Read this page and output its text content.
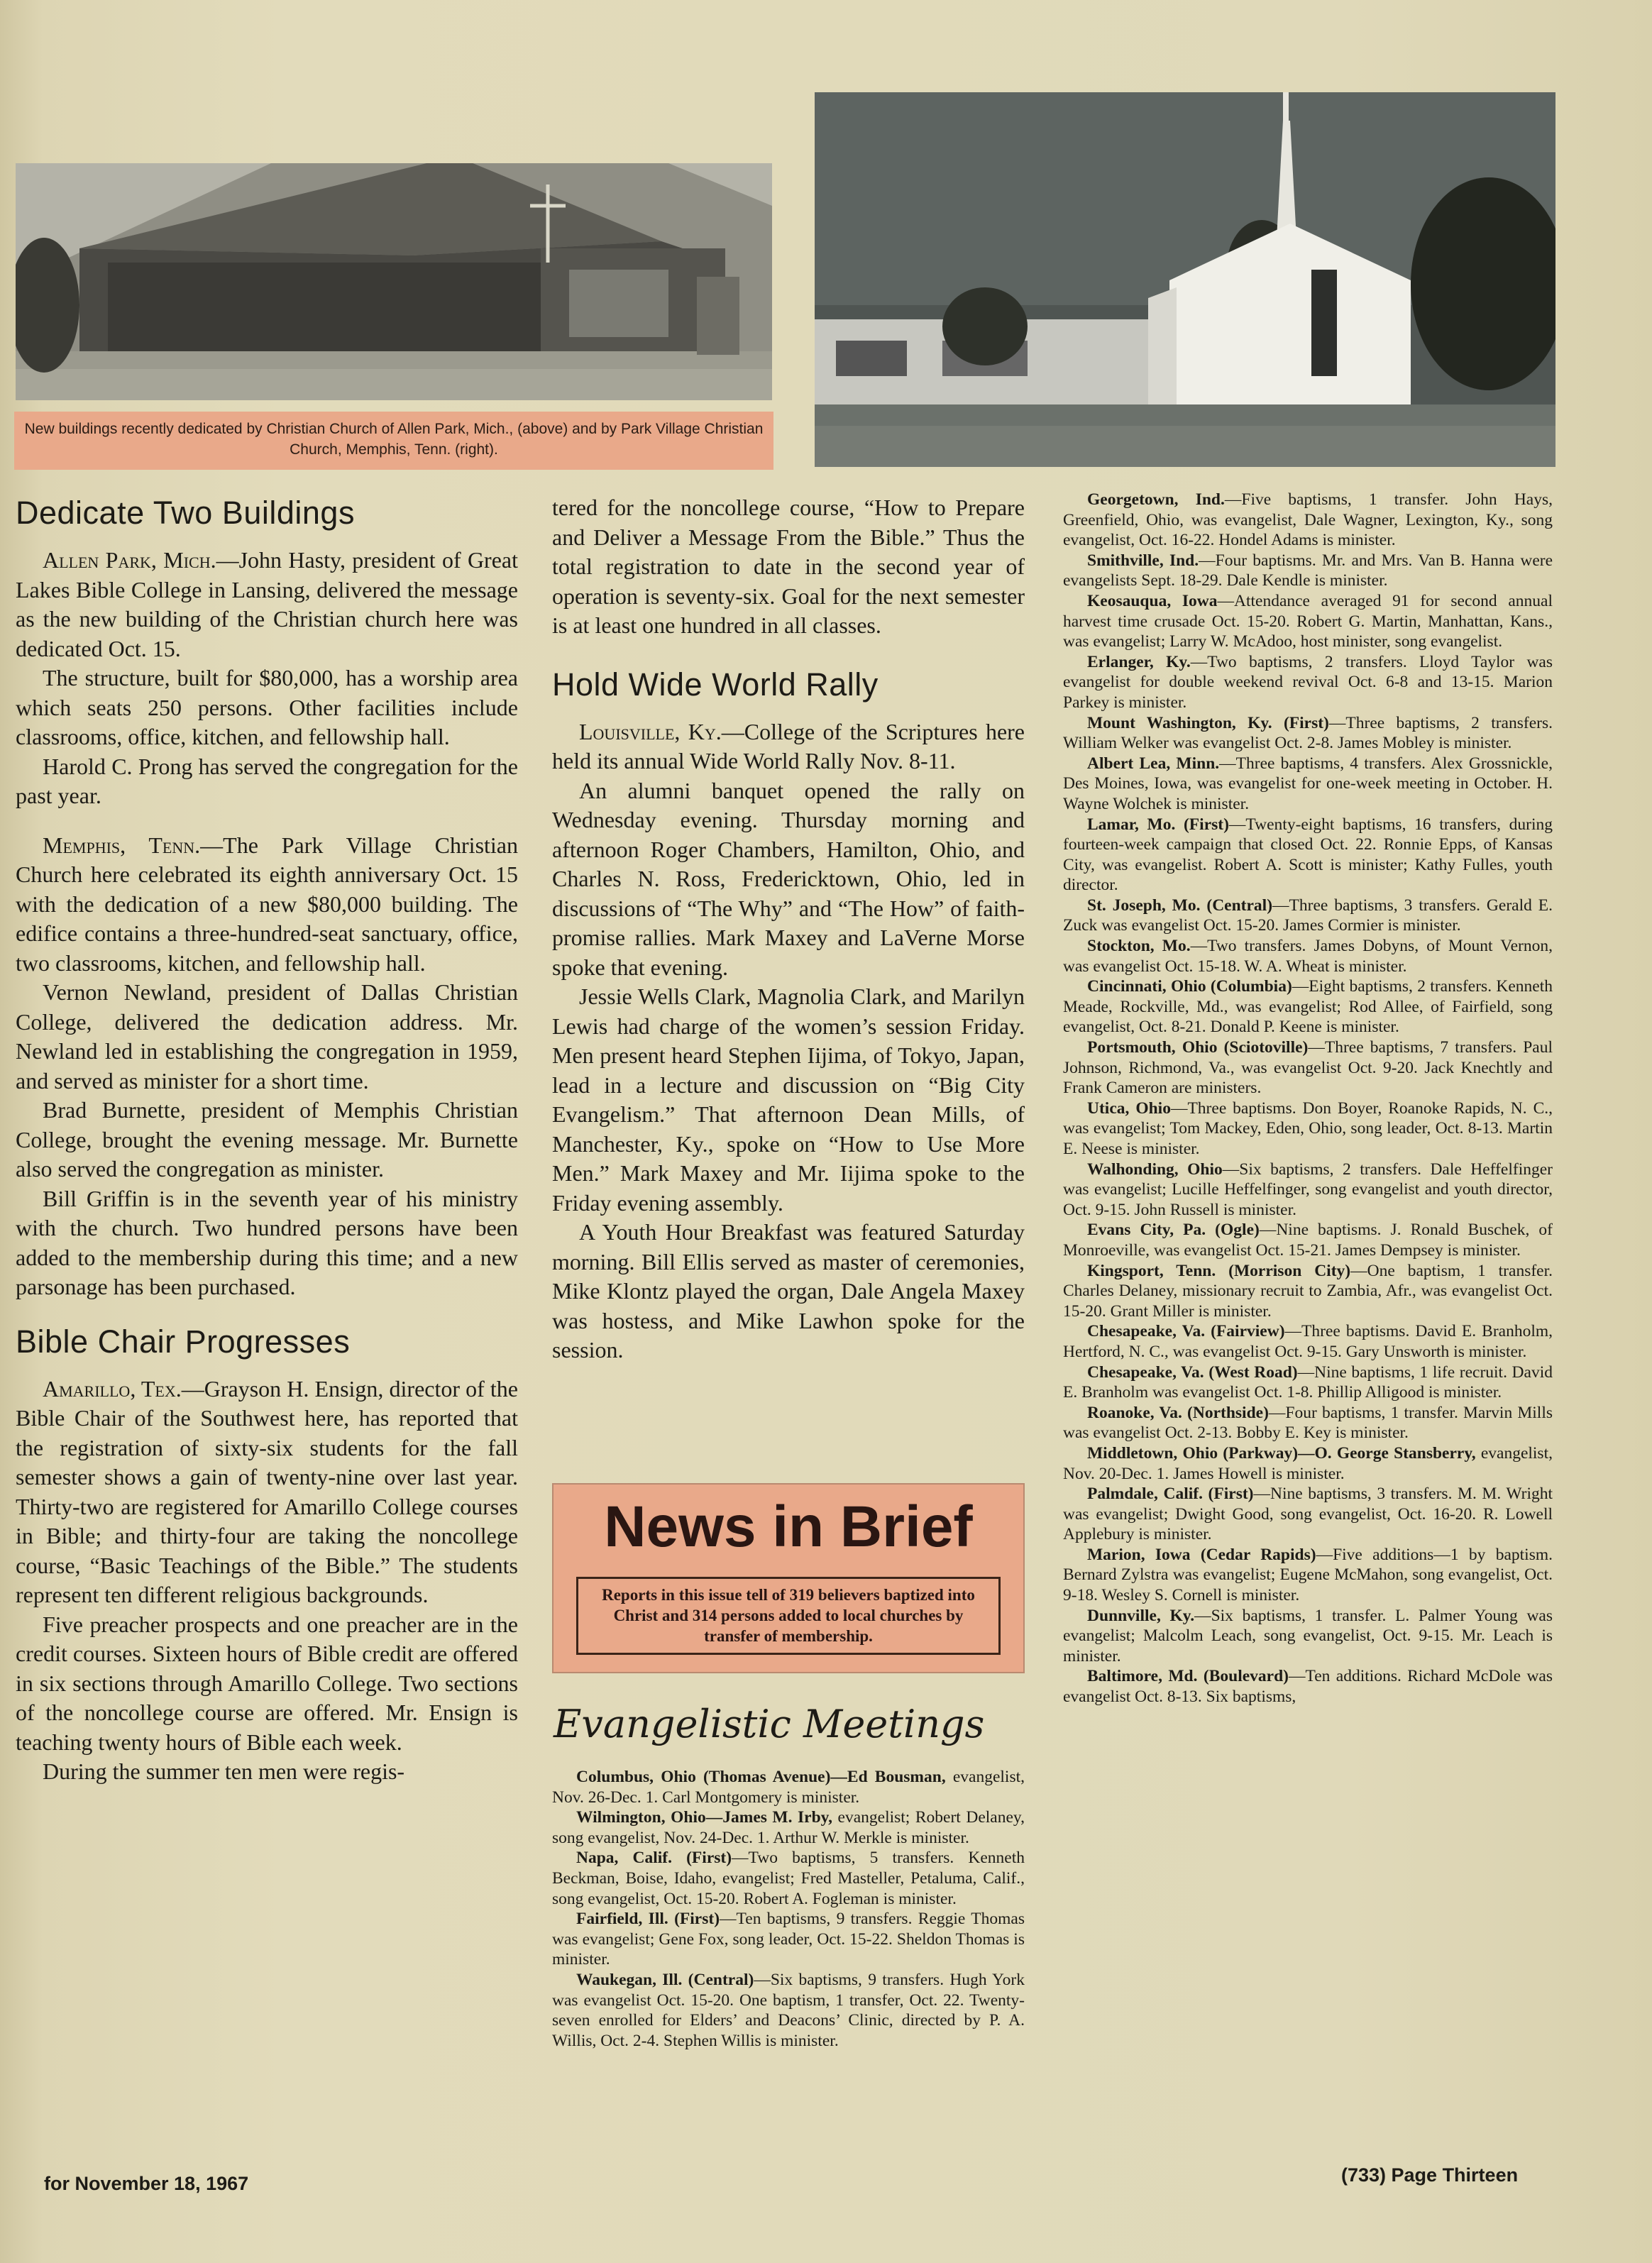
New buildings recently dedicated by Christian Church of Allen Park, Mich., (above) and by Park Village Christian Church, Memphis, Tenn. (right).
Dedicate Two Buildings

Allen Park, Mich.—John Hasty, president of Great Lakes Bible College in Lansing, delivered the message as the new building of the Christian church here was dedicated Oct. 15.

The structure, built for $80,000, has a worship area which seats 250 persons. Other facilities include classrooms, office, kitchen, and fellowship hall.

Harold C. Prong has served the congregation for the past year.

Memphis, Tenn.—The Park Village Christian Church here celebrated its eighth anniversary Oct. 15 with the dedication of a new $80,000 building. The edifice contains a three-hundred-seat sanctuary, office, two classrooms, kitchen, and fellowship hall.

Vernon Newland, president of Dallas Christian College, delivered the dedication address. Mr. Newland led in establishing the congregation in 1959, and served as minister for a short time.

Brad Burnette, president of Memphis Christian College, brought the evening message. Mr. Burnette also served the congregation as minister.

Bill Griffin is in the seventh year of his ministry with the church. Two hundred persons have been added to the membership during this time; and a new parsonage has been purchased.

Bible Chair Progresses

Amarillo, Tex.—Grayson H. Ensign, director of the Bible Chair of the Southwest here, has reported that the registration of sixty-six students for the fall semester shows a gain of twenty-nine over last year. Thirty-two are registered for Amarillo College courses in Bible; and thirty-four are taking the noncollege course, “Basic Teachings of the Bible.” The students represent ten different religious backgrounds.

Five preacher prospects and one preacher are in the credit courses. Sixteen hours of Bible credit are offered in six sections through Amarillo College. Two sections of the noncollege course are offered. Mr. Ensign is teaching twenty hours of Bible each week.

During the summer ten men were regis-

tered for the noncollege course, “How to Prepare and Deliver a Message From the Bible.” Thus the total registration to date in the second year of operation is seventy-six. Goal for the next semester is at least one hundred in all classes.

Hold Wide World Rally

Louisville, Ky.—College of the Scriptures here held its annual Wide World Rally Nov. 8-11.

An alumni banquet opened the rally on Wednesday evening. Thursday morning and afternoon Roger Chambers, Hamilton, Ohio, and Charles N. Ross, Fredericktown, Ohio, led in discussions of “The Why” and “The How” of faith-promise rallies. Mark Maxey and LaVerne Morse spoke that evening.

Jessie Wells Clark, Magnolia Clark, and Marilyn Lewis had charge of the women’s session Friday. Men present heard Stephen Iijima, of Tokyo, Japan, lead in a lecture and discussion on “Big City Evangelism.” That afternoon Dean Mills, of Manchester, Ky., spoke on “How to Use More Men.” Mark Maxey and Mr. Iijima spoke to the Friday evening assembly.

A Youth Hour Breakfast was featured Saturday morning. Bill Ellis served as master of ceremonies, Mike Klontz played the organ, Dale Angela Maxey was hostess, and Mike Lawhon spoke for the session.

News in Brief
Reports in this issue tell of 319 believers baptized into Christ and 314 persons added to local churches by transfer of membership.
Evangelistic Meetings

Columbus, Ohio (Thomas Avenue)—Ed Bousman, evangelist, Nov. 26-Dec. 1. Carl Montgomery is minister.

Wilmington, Ohio—James M. Irby, evangelist; Robert Delaney, song evangelist, Nov. 24-Dec. 1. Arthur W. Merkle is minister.

Napa, Calif. (First)—Two baptisms, 5 transfers. Kenneth Beckman, Boise, Idaho, evangelist; Fred Masteller, Petaluma, Calif., song evangelist, Oct. 15-20. Robert A. Fogleman is minister.

Fairfield, Ill. (First)—Ten baptisms, 9 transfers. Reggie Thomas was evangelist; Gene Fox, song leader, Oct. 15-22. Sheldon Thomas is minister.

Waukegan, Ill. (Central)—Six baptisms, 9 transfers. Hugh York was evangelist Oct. 15-20. One baptism, 1 transfer, Oct. 22. Twenty-seven enrolled for Elders’ and Deacons’ Clinic, directed by P. A. Willis, Oct. 2-4. Stephen Willis is minister.

Georgetown, Ind.—Five baptisms, 1 transfer. John Hays, Greenfield, Ohio, was evangelist, Dale Wagner, Lexington, Ky., song evangelist, Oct. 16-22. Hondel Adams is minister.

Smithville, Ind.—Four baptisms. Mr. and Mrs. Van B. Hanna were evangelists Sept. 18-29. Dale Kendle is minister.

Keosauqua, Iowa—Attendance averaged 91 for second annual harvest time crusade Oct. 15-20. Robert G. Martin, Manhattan, Kans., was evangelist; Larry W. McAdoo, host minister, song evangelist.

Erlanger, Ky.—Two baptisms, 2 transfers. Lloyd Taylor was evangelist for double weekend revival Oct. 6-8 and 13-15. Marion Parkey is minister.

Mount Washington, Ky. (First)—Three baptisms, 2 transfers. William Welker was evangelist Oct. 2-8. James Mobley is minister.

Albert Lea, Minn.—Three baptisms, 4 transfers. Alex Grossnickle, Des Moines, Iowa, was evangelist for one-week meeting in October. H. Wayne Wolchek is minister.

Lamar, Mo. (First)—Twenty-eight baptisms, 16 transfers, during fourteen-week campaign that closed Oct. 22. Ronnie Epps, of Kansas City, was evangelist. Robert A. Scott is minister; Kathy Fulles, youth director.

St. Joseph, Mo. (Central)—Three baptisms, 3 transfers. Gerald E. Zuck was evangelist Oct. 15-20. James Cormier is minister.

Stockton, Mo.—Two transfers. James Dobyns, of Mount Vernon, was evangelist Oct. 15-18. W. A. Wheat is minister.

Cincinnati, Ohio (Columbia)—Eight baptisms, 2 transfers. Kenneth Meade, Rockville, Md., was evangelist; Rod Allee, of Fairfield, song evangelist, Oct. 8-21. Donald P. Keene is minister.

Portsmouth, Ohio (Sciotoville)—Three baptisms, 7 transfers. Paul Johnson, Richmond, Va., was evangelist Oct. 9-20. Jack Knechtly and Frank Cameron are ministers.

Utica, Ohio—Three baptisms. Don Boyer, Roanoke Rapids, N. C., was evangelist; Tom Mackey, Eden, Ohio, song leader, Oct. 8-13. Martin E. Neese is minister.

Walhonding, Ohio—Six baptisms, 2 transfers. Dale Heffelfinger was evangelist; Lucille Heffelfinger, song evangelist and youth director, Oct. 9-15. John Russell is minister.

Evans City, Pa. (Ogle)—Nine baptisms. J. Ronald Buschek, of Monroeville, was evangelist Oct. 15-21. James Dempsey is minister.

Kingsport, Tenn. (Morrison City)—One baptism, 1 transfer. Charles Delaney, missionary recruit to Zambia, Afr., was evangelist Oct. 15-20. Grant Miller is minister.

Chesapeake, Va. (Fairview)—Three baptisms. David E. Branholm, Hertford, N. C., was evangelist Oct. 9-15. Gary Unsworth is minister.

Chesapeake, Va. (West Road)—Nine baptisms, 1 life recruit. David E. Branholm was evangelist Oct. 1-8. Phillip Alligood is minister.

Roanoke, Va. (Northside)—Four baptisms, 1 transfer. Marvin Mills was evangelist Oct. 2-13. Bobby E. Key is minister.

Middletown, Ohio (Parkway)—O. George Stansberry, evangelist, Nov. 20-Dec. 1. James Howell is minister.

Palmdale, Calif. (First)—Nine baptisms, 3 transfers. M. M. Wright was evangelist; Dwight Good, song evangelist, Oct. 16-20. R. Lowell Applebury is minister.

Marion, Iowa (Cedar Rapids)—Five additions—1 by baptism. Bernard Zylstra was evangelist; Eugene McMahon, song evangelist, Oct. 9-18. Wesley S. Cornell is minister.

Dunnville, Ky.—Six baptisms, 1 transfer. L. Palmer Young was evangelist; Malcolm Leach, song evangelist, Oct. 9-15. Mr. Leach is minister.

Baltimore, Md. (Boulevard)—Ten additions. Richard McDole was evangelist Oct. 8-13. Six baptisms,

for November 18, 1967	(733) Page Thirteen
